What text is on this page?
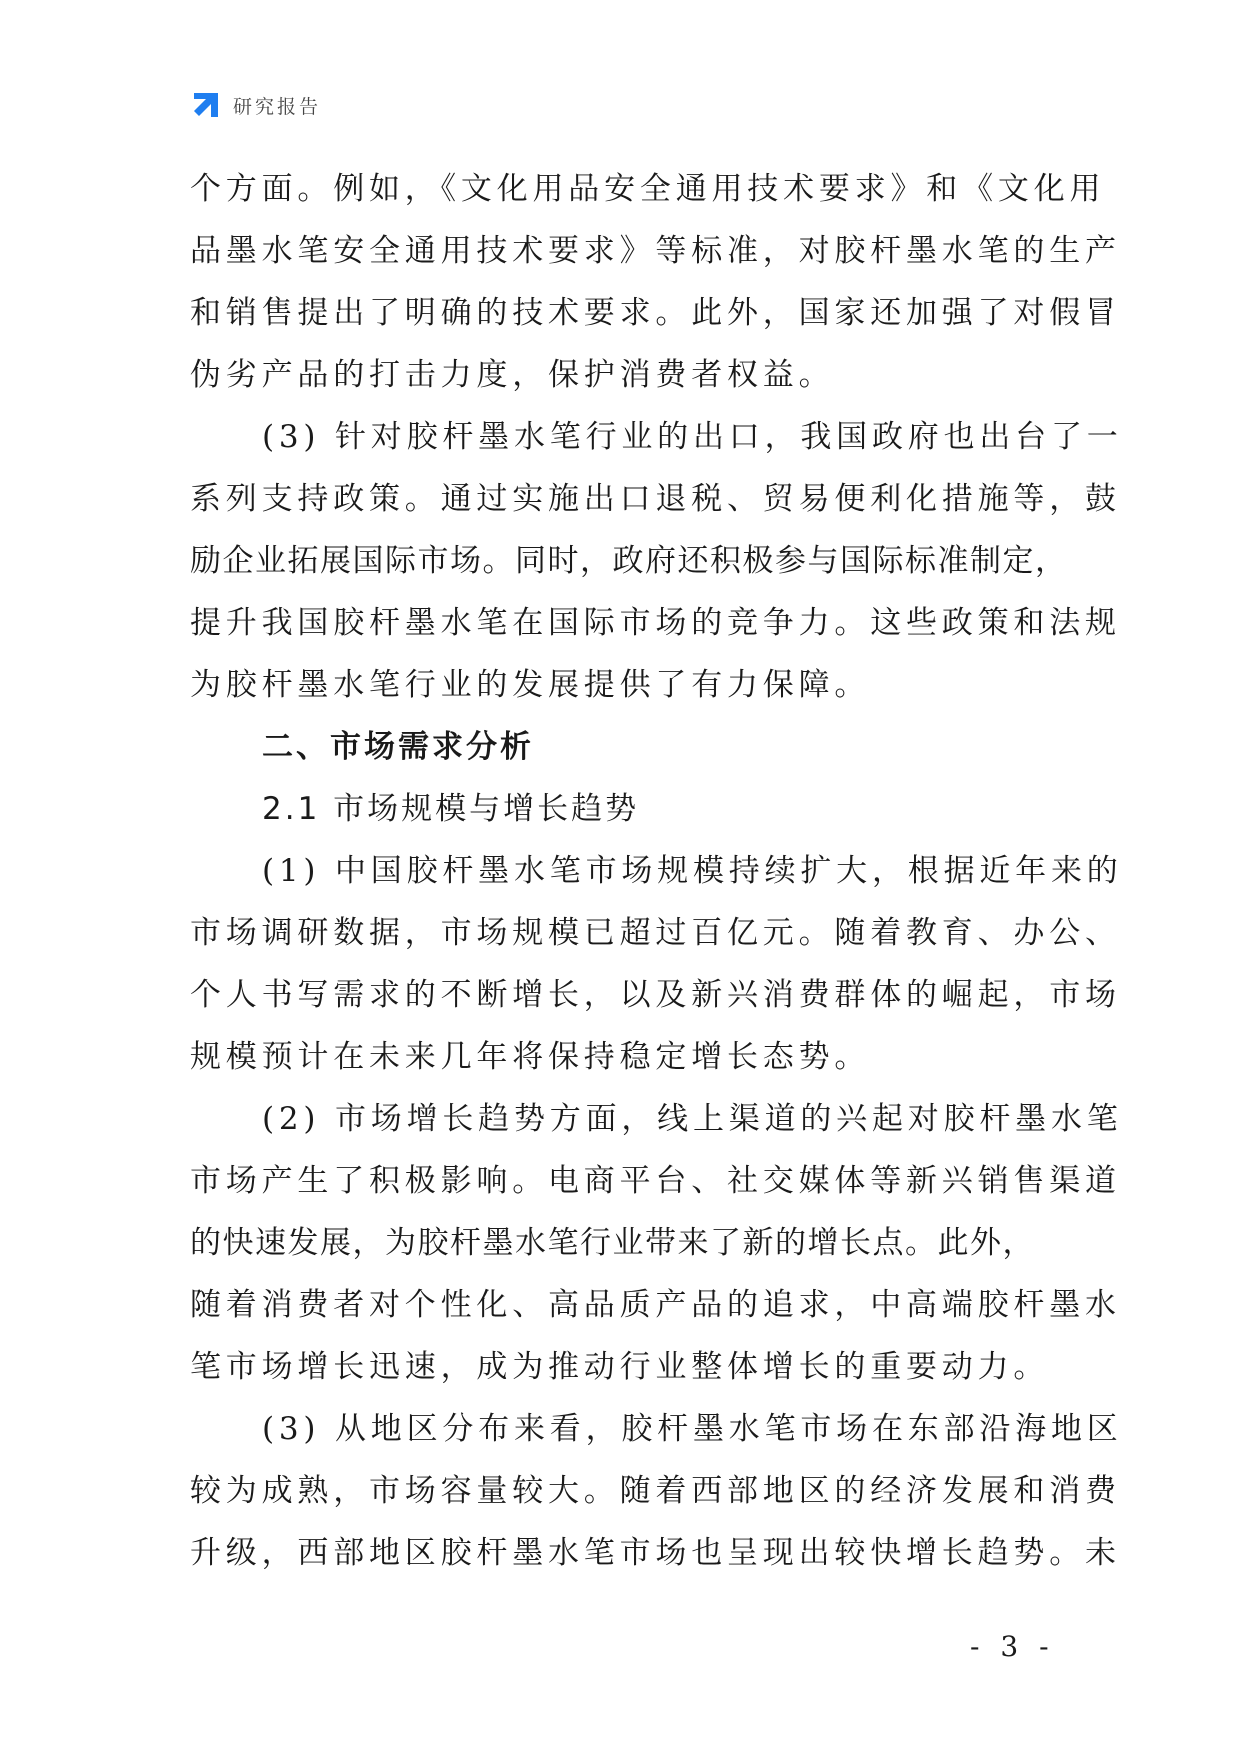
研究报告
个方面。例如，《文化用品安全通用技术要求》和《文化用
品墨水笔安全通用技术要求》等标准，对胶杆墨水笔的生产
和销售提出了明确的技术要求。此外，国家还加强了对假冒
伪劣产品的打击力度，保护消费者权益。
(3) 针对胶杆墨水笔行业的出口，我国政府也出台了一
系列支持政策。通过实施出口退税、贸易便利化措施等，鼓
励企业拓展国际市场。同时，政府还积极参与国际标准制定，
提升我国胶杆墨水笔在国际市场的竞争力。这些政策和法规
为胶杆墨水笔行业的发展提供了有力保障。
二、市场需求分析
2.1 市场规模与增长趋势
(1) 中国胶杆墨水笔市场规模持续扩大，根据近年来的
市场调研数据，市场规模已超过百亿元。随着教育、办公、
个人书写需求的不断增长，以及新兴消费群体的崛起，市场
规模预计在未来几年将保持稳定增长态势。
(2) 市场增长趋势方面，线上渠道的兴起对胶杆墨水笔
市场产生了积极影响。电商平台、社交媒体等新兴销售渠道
的快速发展，为胶杆墨水笔行业带来了新的增长点。此外，
随着消费者对个性化、高品质产品的追求，中高端胶杆墨水
笔市场增长迅速，成为推动行业整体增长的重要动力。
(3) 从地区分布来看，胶杆墨水笔市场在东部沿海地区
较为成熟，市场容量较大。随着西部地区的经济发展和消费
升级，西部地区胶杆墨水笔市场也呈现出较快增长趋势。未
- 3 -
